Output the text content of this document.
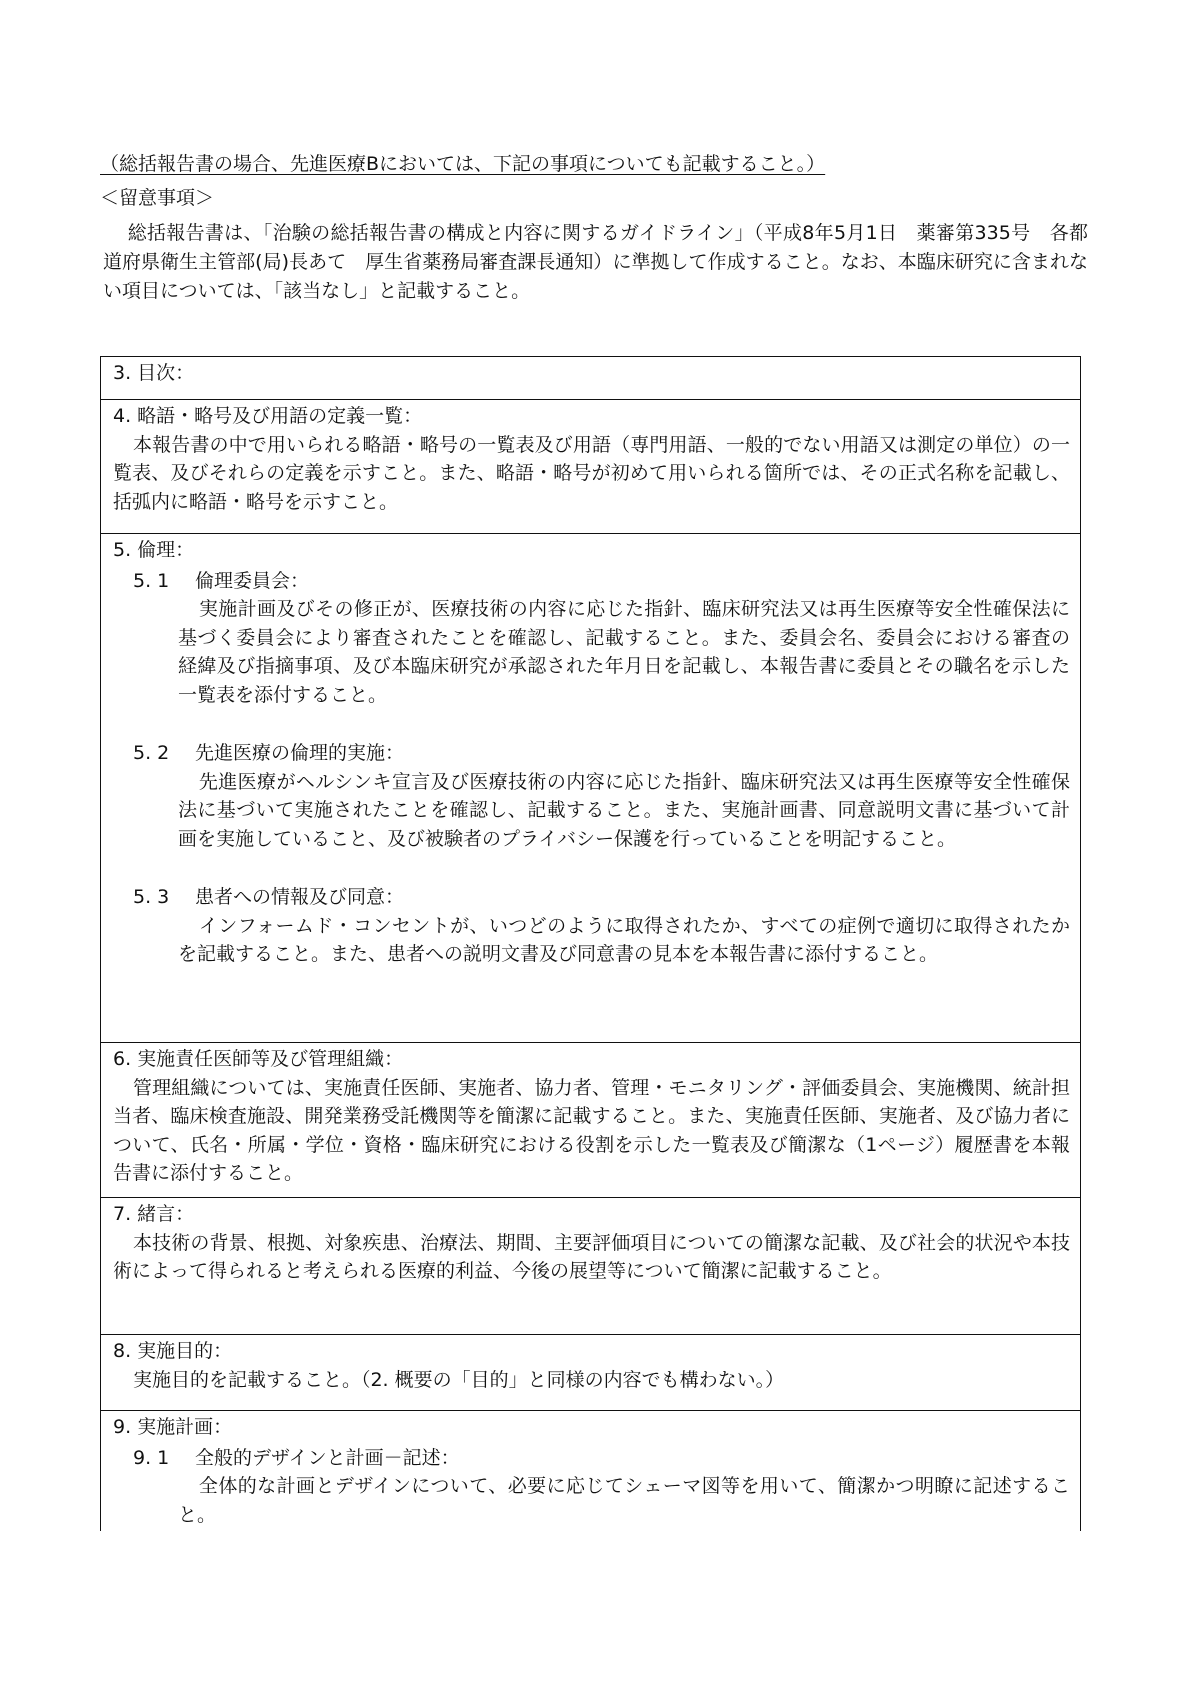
（総括報告書の場合、先進医療Bにおいては、下記の事項についても記載すること。）
＜留意事項＞

総括報告書は、「治験の総括報告書の構成と内容に関するガイドライン」（平成8年5月1日　薬審第335号　各都道府県衛生主管部(局)長あて　厚生省薬務局審査課長通知）に準拠して作成すること。なお、本臨床研究に含まれない項目については、「該当なし」と記載すること。

3. 目次：

4. 略語・略号及び用語の定義一覧：
本報告書の中で用いられる略語・略号の一覧表及び用語（専門用語、一般的でない用語又は測定の単位）の一覧表、及びそれらの定義を示すこと。また、略語・略号が初めて用いられる箇所では、その正式名称を記載し、括弧内に略語・略号を示すこと。

5. 倫理：
5. 1 倫理委員会：
実施計画及びその修正が、医療技術の内容に応じた指針、臨床研究法又は再生医療等安全性確保法に基づく委員会により審査されたことを確認し、記載すること。また、委員会名、委員会における審査の経緯及び指摘事項、及び本臨床研究が承認された年月日を記載し、本報告書に委員とその職名を示した一覧表を添付すること。
5. 2 先進医療の倫理的実施：
先進医療がヘルシンキ宣言及び医療技術の内容に応じた指針、臨床研究法又は再生医療等安全性確保法に基づいて実施されたことを確認し、記載すること。また、実施計画書、同意説明文書に基づいて計画を実施していること、及び被験者のプライバシー保護を行っていることを明記すること。
5. 3 患者への情報及び同意：
インフォームド・コンセントが、いつどのように取得されたか、すべての症例で適切に取得されたかを記載すること。また、患者への説明文書及び同意書の見本を本報告書に添付すること。

6. 実施責任医師等及び管理組織：
管理組織については、実施責任医師、実施者、協力者、管理・モニタリング・評価委員会、実施機関、統計担当者、臨床検査施設、開発業務受託機関等を簡潔に記載すること。また、実施責任医師、実施者、及び協力者について、氏名・所属・学位・資格・臨床研究における役割を示した一覧表及び簡潔な（1ページ）履歴書を本報告書に添付すること。

7. 緒言：
本技術の背景、根拠、対象疾患、治療法、期間、主要評価項目についての簡潔な記載、及び社会的状況や本技術によって得られると考えられる医療的利益、今後の展望等について簡潔に記載すること。

8. 実施目的：
実施目的を記載すること。（2. 概要の「目的」と同様の内容でも構わない。）

9. 実施計画：
9. 1 全般的デザインと計画－記述：
全体的な計画とデザインについて、必要に応じてシェーマ図等を用いて、簡潔かつ明瞭に記述すること。
